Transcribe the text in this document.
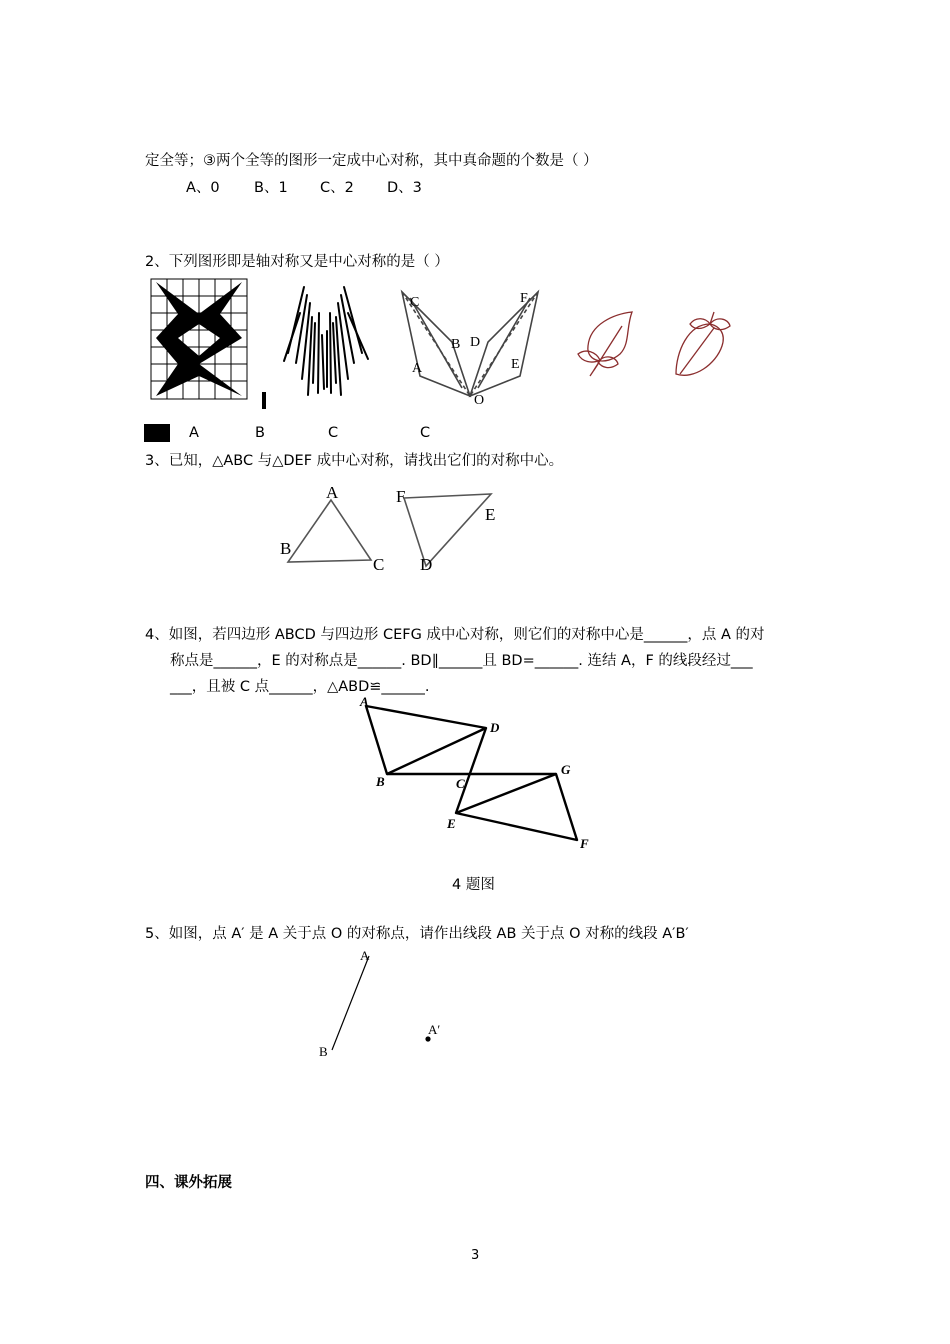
定全等；③两个全等的图形一定成中心对称，其中真命题的个数是（ ）
A、0 B、1 C、2 D、3
2、下列图形即是轴对称又是中心对称的是（ ）
C	F
B D
A	E
O
A	B	C	C
3、已知，△ABC 与△DEF 成中心对称，请找出它们的对称中心。
A
B
C
F
E
D
4、如图，若四边形 ABCD 与四边形 CEFG 成中心对称，则它们的对称中心是______，点 A 的对
称点是______，E 的对称点是______. BD∥______且 BD=______. 连结 A，F 的线段经过___
___，且被 C 点______，△ABD≌______.
A
D
B	C
G
E
F
4 题图
5、如图，点 A′ 是 A 关于点 O 的对称点，请作出线段 AB 关于点 O 对称的线段 A′B′
A
B
A′
四、课外拓展
3
